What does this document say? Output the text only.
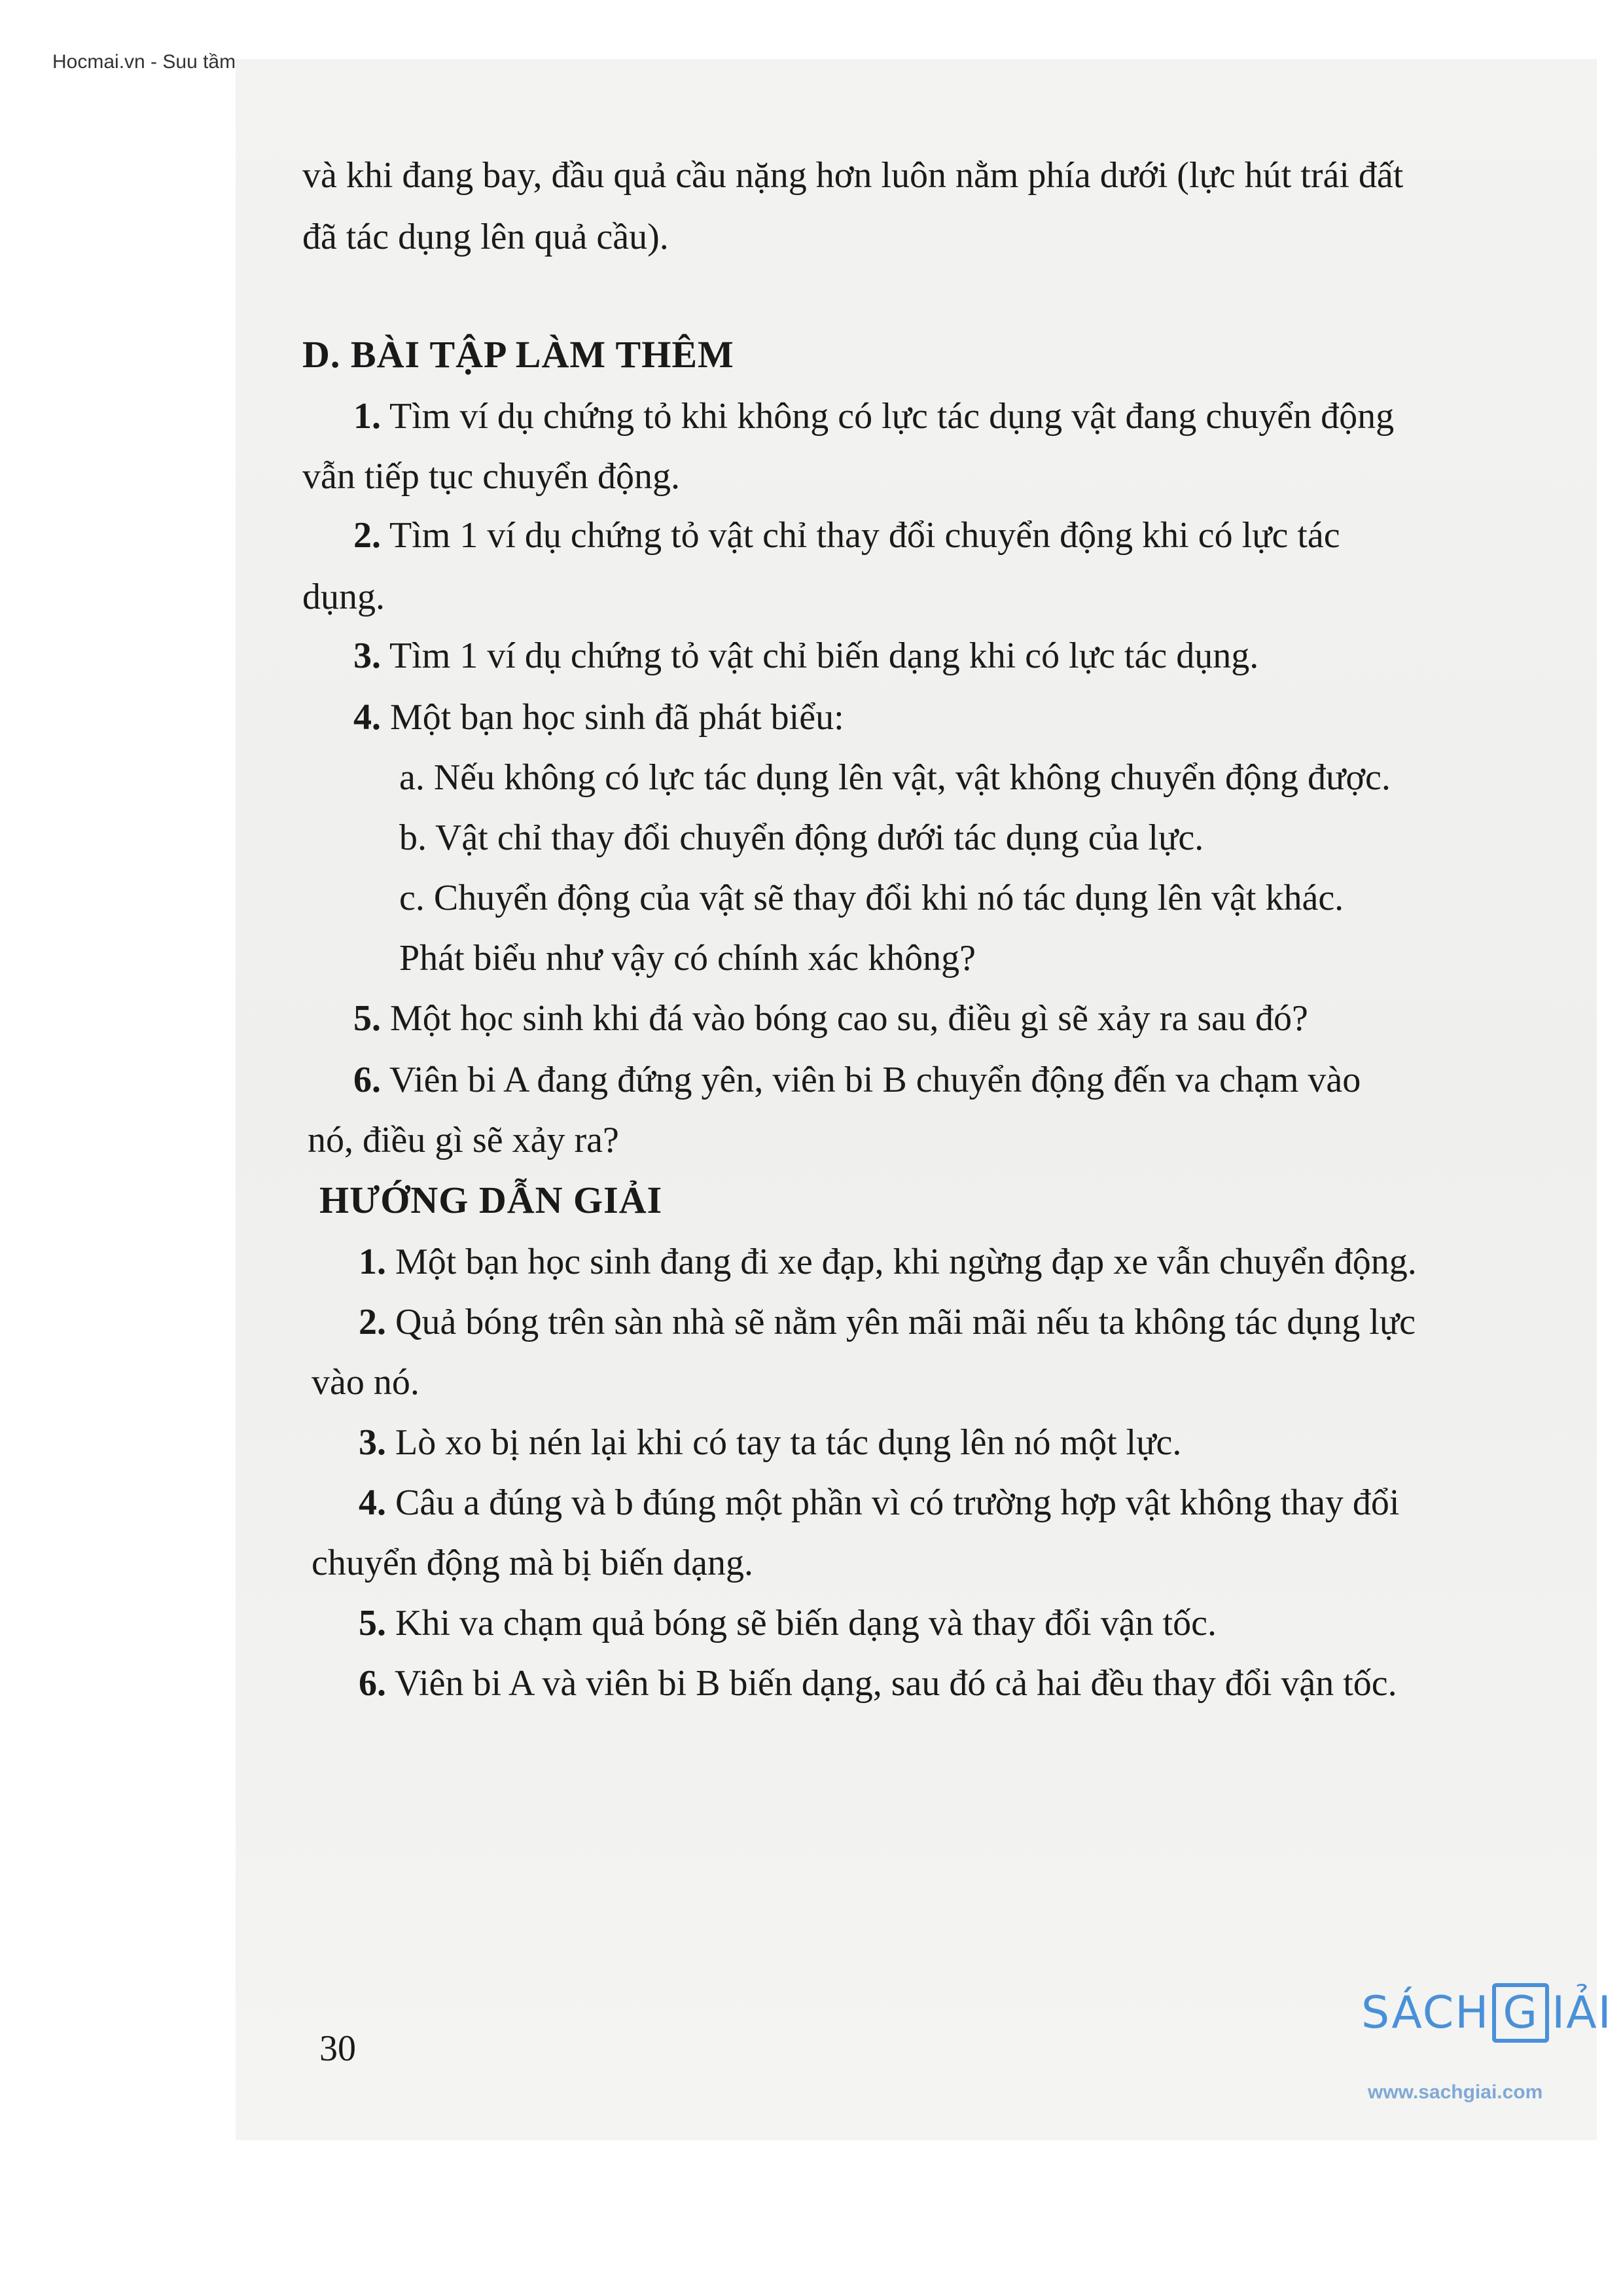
Hocmai.vn - Suu tầm
và khi đang bay, đầu quả cầu nặng hơn luôn nằm phía dưới (lực hút trái đất
đã tác dụng lên quả cầu).
D. BÀI TẬP LÀM THÊM
1. Tìm ví dụ chứng tỏ khi không có lực tác dụng vật đang chuyển động
vẫn tiếp tục chuyển động.
2. Tìm 1 ví dụ chứng tỏ vật chỉ thay đổi chuyển động khi có lực tác
dụng.
3. Tìm 1 ví dụ chứng tỏ vật chỉ biến dạng khi có lực tác dụng.
4. Một bạn học sinh đã phát biểu:
a. Nếu không có lực tác dụng lên vật, vật không chuyển động được.
b. Vật chỉ thay đổi chuyển động dưới tác dụng của lực.
c. Chuyển động của vật sẽ thay đổi khi nó tác dụng lên vật khác.
Phát biểu như vậy có chính xác không?
5. Một học sinh khi đá vào bóng cao su, điều gì sẽ xảy ra sau đó?
6. Viên bi A đang đứng yên, viên bi B chuyển động đến va chạm vào
nó, điều gì sẽ xảy ra?
HƯỚNG DẪN GIẢI
1. Một bạn học sinh đang đi xe đạp, khi ngừng đạp xe vẫn chuyển động.
2. Quả bóng trên sàn nhà sẽ nằm yên mãi mãi nếu ta không tác dụng lực
vào nó.
3. Lò xo bị nén lại khi có tay ta tác dụng lên nó một lực.
4. Câu a đúng và b đúng một phần vì có trường hợp vật không thay đổi
chuyển động mà bị biến dạng.
5. Khi va chạm quả bóng sẽ biến dạng và thay đổi vận tốc.
6. Viên bi A và viên bi B biến dạng, sau đó cả hai đều thay đổi vận tốc.
30
SÁCH G IẢI
www.sachgiai.com
